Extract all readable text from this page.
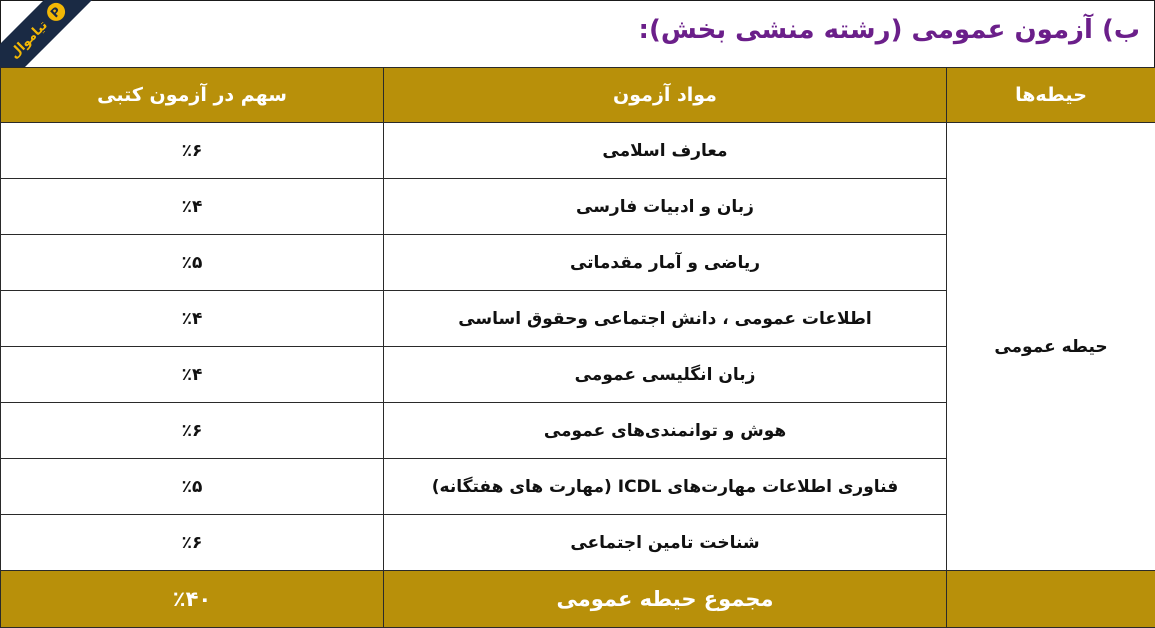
ب) آزمون عمومی (رشته منشی بخش):
تیاموال
P
حیطه‌ها	مواد آزمون	سهم در آزمون کتبی
حیطه عمومی	معارف اسلامی	٪۶
	زبان و ادبیات فارسی	٪۴
	ریاضی و آمار مقدماتی	٪۵
	اطلاعات عمومی ، دانش اجتماعی وحقوق اساسی	٪۴
	زبان انگلیسی عمومی	٪۴
	هوش و توانمندی‌های عمومی	٪۶
	فناوری اطلاعات مهارت‌های ICDL (مهارت های هفتگانه)	٪۵
	شناخت تامین اجتماعی	٪۶
	مجموع حیطه عمومی	٪۴۰
